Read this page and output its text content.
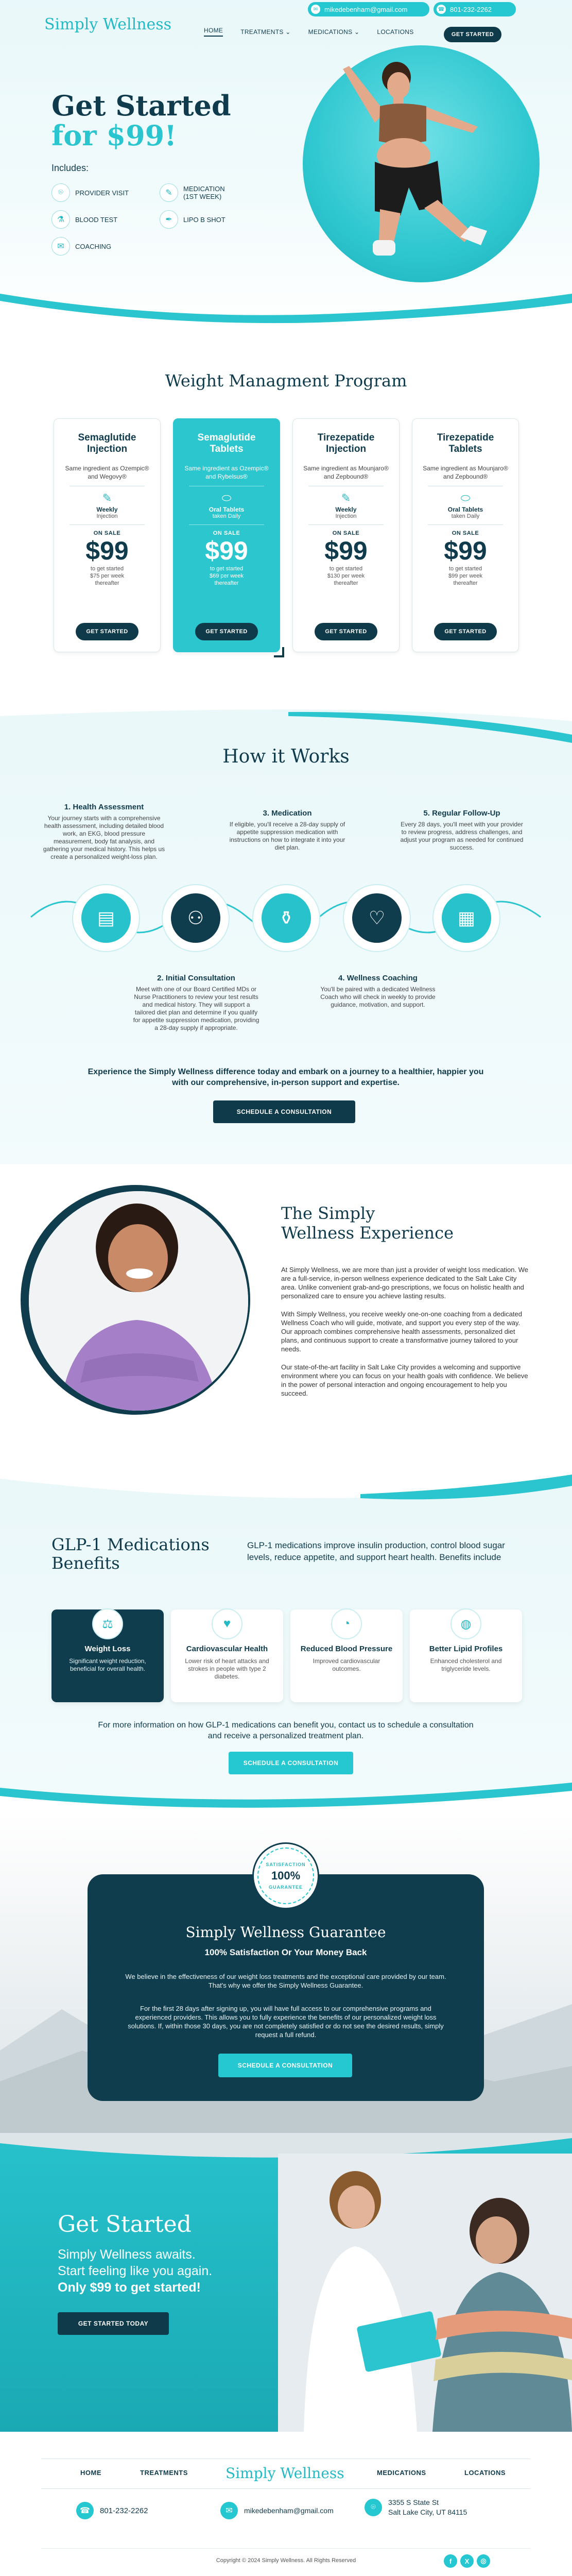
✉ mikedebenham@gmail.com	☎ 801-232-2262
Simply Wellness	HOME	TREATMENTS ⌄	MEDICATIONS ⌄	LOCATIONS	GET STARTED
Get Started
for $99!
Includes:
⌾	PROVIDER VISIT	✎	MEDICATION
(1ST WEEK)
⚗	BLOOD TEST	✒	LIPO B SHOT
✉	COACHING
Weight Managment Program
Semaglutide
Injection

Same ingredient as Ozempic® and Wegovy®

✎
Weekly
Injection
ON SALE
$99
to get started
$75 per week
thereafter
GET STARTED
Semaglutide
Tablets

Same ingredient as Ozempic® and Rybelsus®

⬭
Oral Tablets
taken Daily
ON SALE
$99
to get started
$69 per week
thereafter
GET STARTED
Tirezepatide
Injection

Same ingredient as Mounjaro® and Zepbound®

✎
Weekly
Injection
ON SALE
$99
to get started
$130 per week
thereafter
GET STARTED
Tirezepatide
Tablets

Same ingredient as Mounjaro® and Zepbound®

⬭
Oral Tablets
taken Daily
ON SALE
$99
to get started
$99 per week
thereafter
GET STARTED
How it Works
1. Health Assessment
Your journey starts with a comprehensive health assessment, including detailed blood work, an EKG, blood pressure measurement, body fat analysis, and gathering your medical history. This helps us create a personalized weight-loss plan.
3. Medication
If eligible, you'll receive a 28-day supply of appetite suppression medication with instructions on how to integrate it into your diet plan.
5. Regular Follow-Up
Every 28 days, you'll meet with your provider to review progress, address challenges, and adjust your program as needed for continued success.
▤	⚇	⚱	♡	▦
2. Initial Consultation
Meet with one of our Board Certified MDs or Nurse Practitioners to review your test results and medical history. They will support a tailored diet plan and determine if you qualify for appetite suppression medication, providing a 28-day supply if appropriate.
4. Wellness Coaching
You'll be paired with a dedicated Wellness Coach who will check in weekly to provide guidance, motivation, and support.
Experience the Simply Wellness difference today and embark on a journey to a healthier, happier you with our comprehensive, in-person support and expertise.
SCHEDULE A CONSULTATION
The Simply
Wellness Experience

At Simply Wellness, we are more than just a provider of weight loss medication. We are a full-service, in-person wellness experience dedicated to the Salt Lake City area. Unlike convenient grab-and-go prescriptions, we focus on holistic health and personalized care to ensure you achieve lasting results.

With Simply Wellness, you receive weekly one-on-one coaching from a dedicated Wellness Coach who will guide, motivate, and support you every step of the way. Our approach combines comprehensive health assessments, personalized diet plans, and continuous support to create a transformative journey tailored to your needs.

Our state-of-the-art facility in Salt Lake City provides a welcoming and supportive environment where you can focus on your health goals with confidence. We believe in the power of personal interaction and ongoing encouragement to help you succeed.

GLP-1 Medications
Benefits
GLP-1 medications improve insulin production, control blood sugar levels, reduce appetite, and support heart health. Benefits include
⚖
Weight Loss

Significant weight reduction, beneficial for overall health.

♥
Cardiovascular Health

Lower risk of heart attacks and strokes in people with type 2 diabetes.

◔
Reduced Blood Pressure

Improved cardiovascular outcomes.

◍
Better Lipid Profiles

Enhanced cholesterol and triglyceride levels.

For more information on how GLP-1 medications can benefit you, contact us to schedule a consultation and receive a personalized treatment plan.
SCHEDULE A CONSULTATION
SATISFACTION
100%
GUARANTEE
Simply Wellness Guarantee
100% Satisfaction Or Your Money Back
We believe in the effectiveness of our weight loss treatments and the exceptional care provided by our team. That's why we offer the Simply Wellness Guarantee.
For the first 28 days after signing up, you will have full access to our comprehensive programs and experienced providers. This allows you to fully experience the benefits of our personalized weight loss solutions. If, within those 30 days, you are not completely satisfied or do not see the desired results, simply request a full refund.
SCHEDULE A CONSULTATION
Get Started
Simply Wellness awaits.
Start feeling like you again.
Only $99 to get started!
GET STARTED TODAY
HOME	TREATMENTS	Simply Wellness	MEDICATIONS	LOCATIONS
☎	801-232-2262	✉	mikedebenham@gmail.com	⌾
3355 S State St
Salt Lake City, UT 84115
Copyright © 2024 Simply Wellness. All Rights Reserved	f	X	◎
